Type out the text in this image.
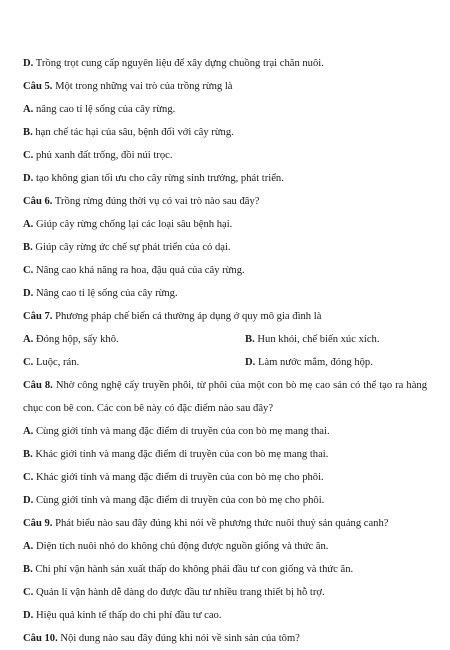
D. Trồng trọt cung cấp nguyên liệu để xây dựng chuồng trại chăn nuôi.
Câu 5. Một trong những vai trò của trồng rừng là
A. nâng cao tỉ lệ sống của cây rừng.
B. hạn chế tác hại của sâu, bệnh đối với cây rừng.
C. phủ xanh đất trống, đồi núi trọc.
D. tạo không gian tối ưu cho cây rừng sinh trưởng, phát triển.
Câu 6. Trồng rừng đúng thời vụ có vai trò nào sau đây?
A. Giúp cây rừng chống lại các loại sâu bệnh hại.
B. Giúp cây rừng ức chế sự phát triển của cỏ dại.
C. Nâng cao khả năng ra hoa, đậu quả của cây rừng.
D. Nâng cao tỉ lệ sống của cây rừng.
Câu 7. Phương pháp chế biến cá thường áp dụng ở quy mô gia đình là
A. Đóng hộp, sấy khô.	B. Hun khói, chế biến xúc xích.
C. Luộc, rán.	D. Làm nước mắm, đóng hộp.
Câu 8. Nhờ công nghệ cấy truyền phôi, từ phôi của một con bò mẹ cao sản có thể tạo ra hàng chục con bê con. Các con bê này có đặc điểm nào sau đây?
A. Cùng giới tính và mang đặc điểm di truyền của con bò mẹ mang thai.
B. Khác giới tính và mang đặc điểm di truyền của con bò mẹ mang thai.
C. Khác giới tính và mang đặc điểm di truyền của con bò mẹ cho phôi.
D. Cùng giới tính và mang đặc điểm di truyền của con bò mẹ cho phôi.
Câu 9. Phát biểu nào sau đây đúng khi nói về phương thức nuôi thuỷ sản quảng canh?
A. Diện tích nuôi nhỏ do không chủ động được nguồn giống và thức ăn.
B. Chi phí vận hành sản xuất thấp do không phải đầu tư con giống và thức ăn.
C. Quản lí vận hành dễ dàng do được đầu tư nhiều trang thiết bị hỗ trợ.
D. Hiệu quả kinh tế thấp do chi phí đầu tư cao.
Câu 10. Nội dung nào sau đây đúng khi nói về sinh sản của tôm?
